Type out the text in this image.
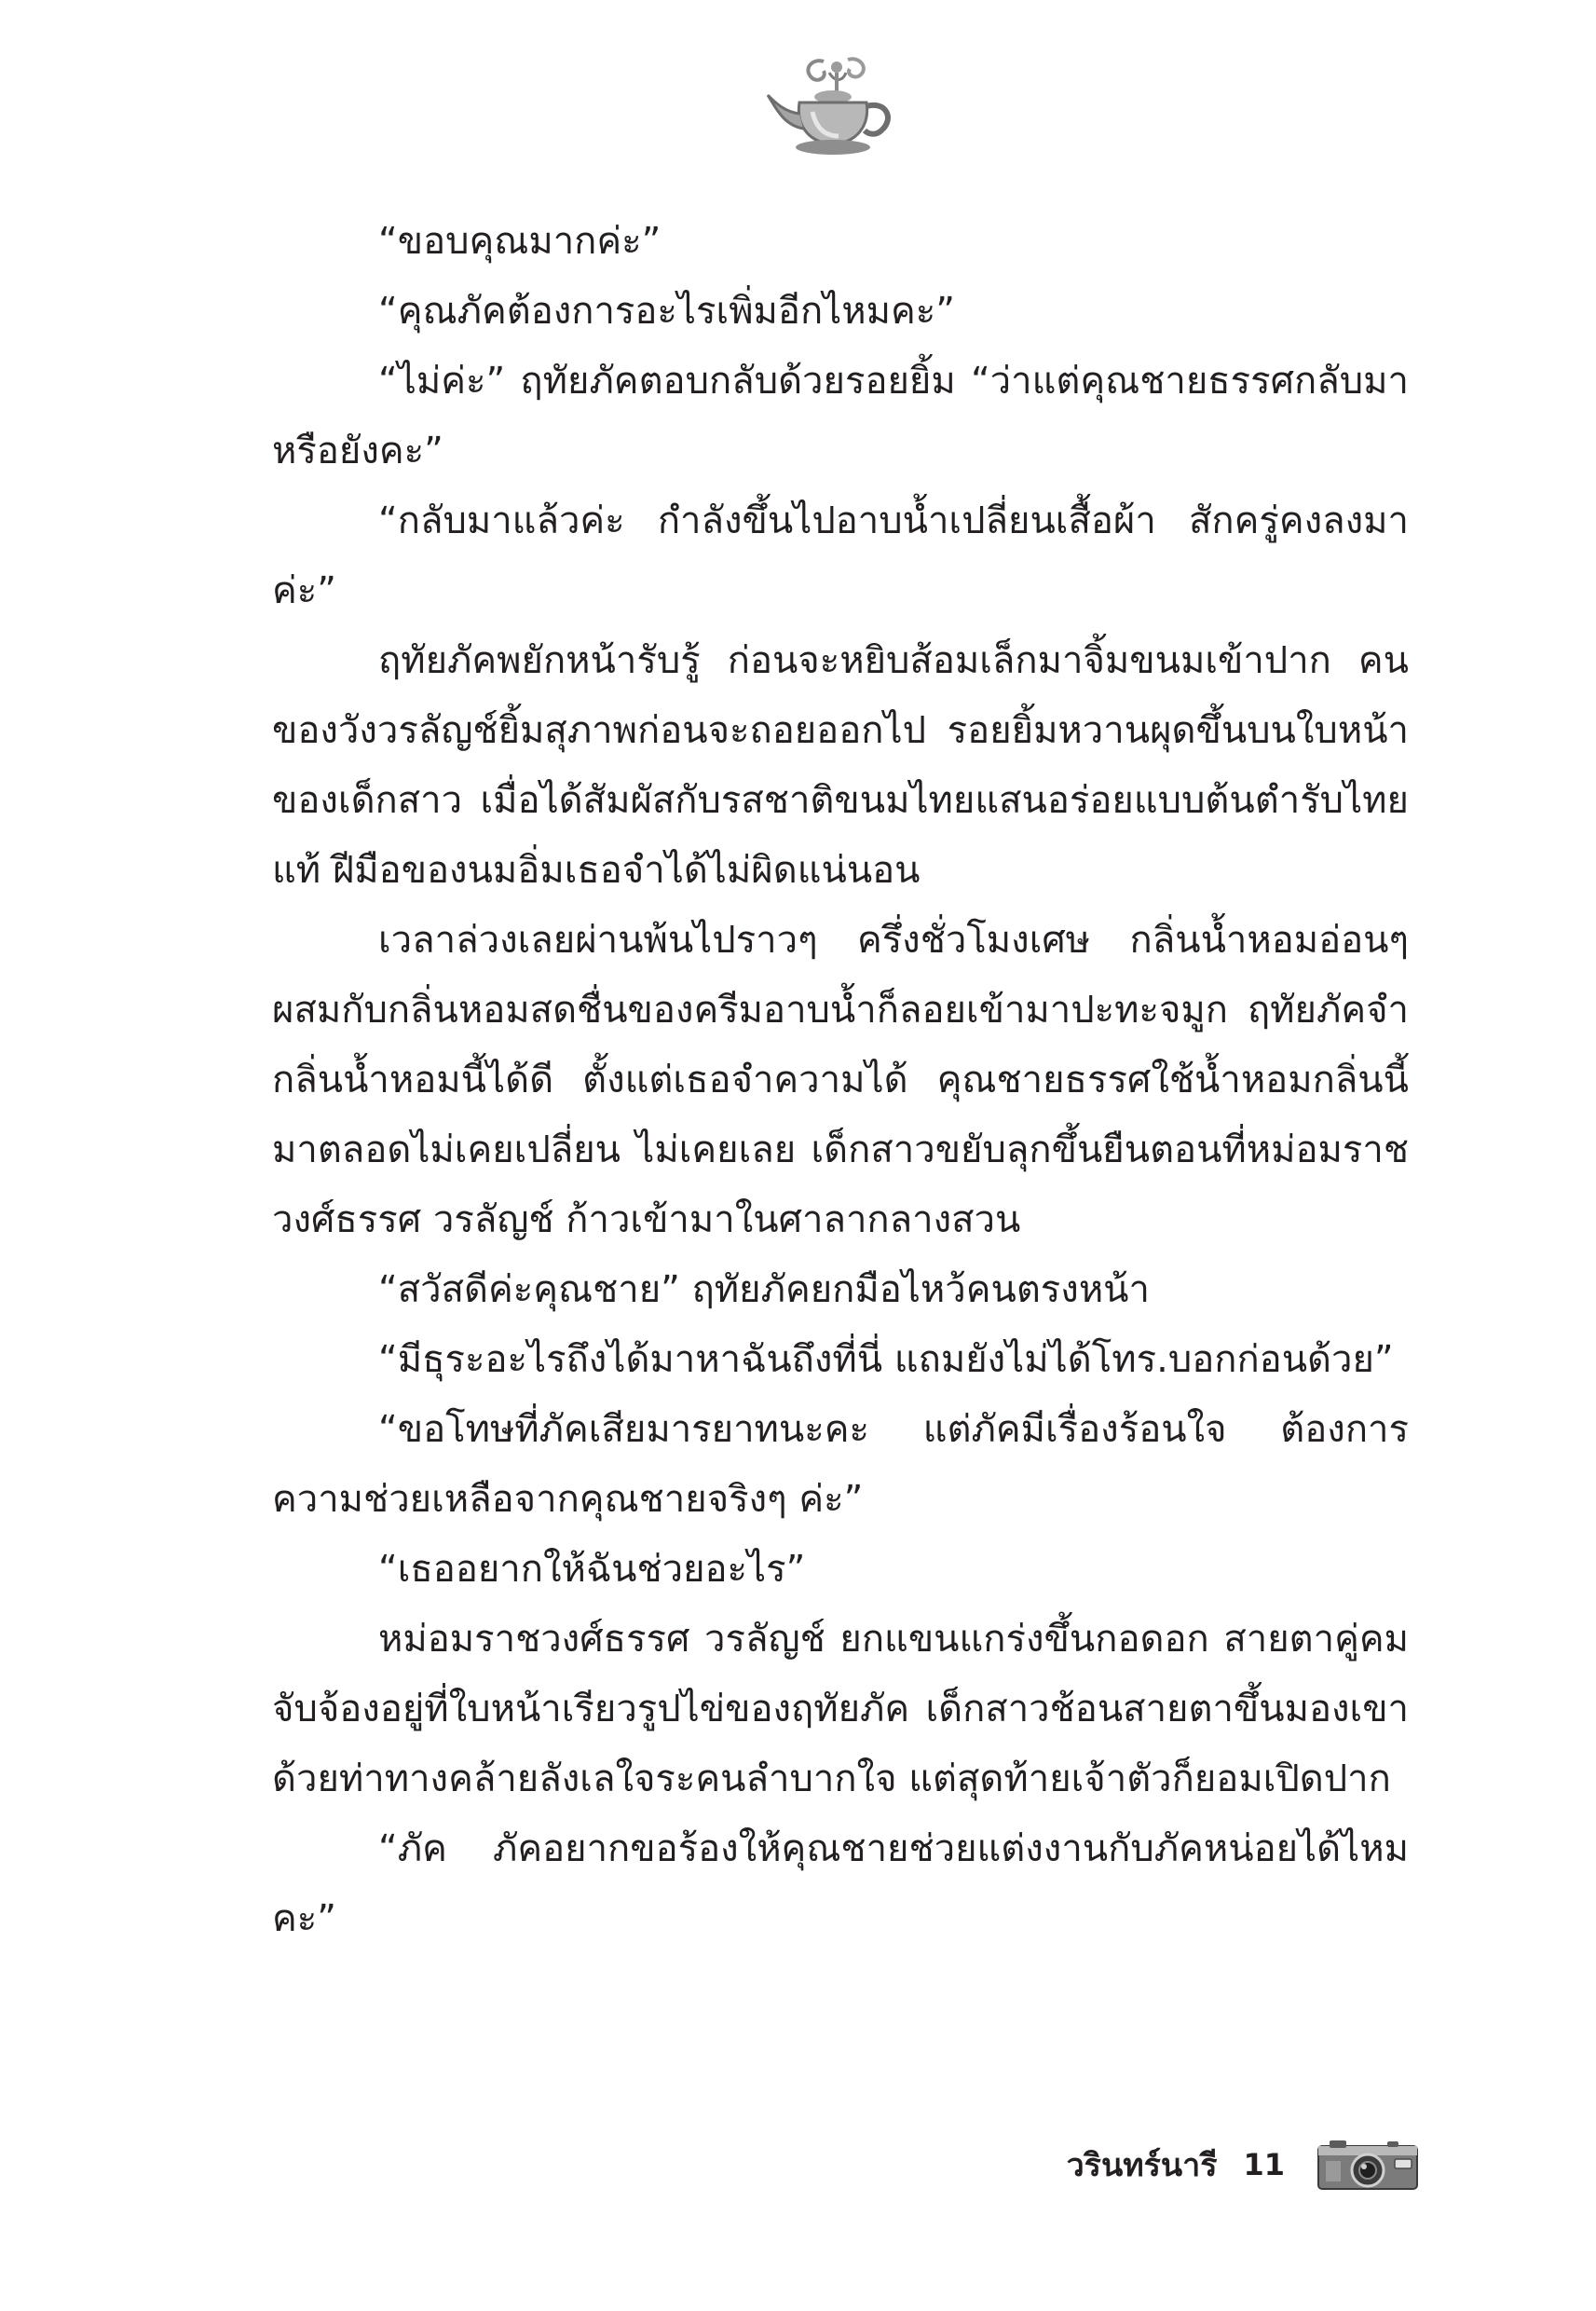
“ขอบคุณมากค่ะ”

“คุณภัคต้องการอะไรเพิ่มอีกไหมคะ”

“ไม่ค่ะ” ฤทัยภัคตอบกลับด้วยรอยยิ้ม “ว่าแต่คุณชายธรรศกลับมาหรือยังคะ”

“กลับมาแล้วค่ะ กำลังขึ้นไปอาบน้ำเปลี่ยนเสื้อผ้า สักครู่คงลงมาค่ะ”

ฤทัยภัคพยักหน้ารับรู้ ก่อนจะหยิบส้อมเล็กมาจิ้มขนมเข้าปาก คนของวังวรลัญช์ยิ้มสุภาพก่อนจะถอยออกไป รอยยิ้มหวานผุดขึ้นบนใบหน้าของเด็กสาว เมื่อได้สัมผัสกับรสชาติขนมไทยแสนอร่อยแบบต้นตำรับไทยแท้ ฝีมือของนมอิ่มเธอจำได้ไม่ผิดแน่นอน

เวลาล่วงเลยผ่านพ้นไปราวๆ ครึ่งชั่วโมงเศษ กลิ่นน้ำหอมอ่อนๆ ผสมกับกลิ่นหอมสดชื่นของครีมอาบน้ำก็ลอยเข้ามาปะทะจมูก ฤทัยภัคจำกลิ่นน้ำหอมนี้ได้ดี ตั้งแต่เธอจำความได้ คุณชายธรรศใช้น้ำหอมกลิ่นนี้มาตลอดไม่เคยเปลี่ยน ไม่เคยเลย เด็กสาวขยับลุกขึ้นยืนตอนที่หม่อมราชวงศ์ธรรศ วรลัญช์ ก้าวเข้ามาในศาลากลางสวน

“สวัสดีค่ะคุณชาย” ฤทัยภัคยกมือไหว้คนตรงหน้า

“มีธุระอะไรถึงได้มาหาฉันถึงที่นี่ แถมยังไม่ได้โทร.บอกก่อนด้วย”

“ขอโทษที่ภัคเสียมารยาทนะคะ แต่ภัคมีเรื่องร้อนใจ ต้องการความช่วยเหลือจากคุณชายจริงๆ ค่ะ”

“เธออยากให้ฉันช่วยอะไร”

หม่อมราชวงศ์ธรรศ วรลัญช์ ยกแขนแกร่งขึ้นกอดอก สายตาคู่คมจับจ้องอยู่ที่ใบหน้าเรียวรูปไข่ของฤทัยภัค เด็กสาวช้อนสายตาขึ้นมองเขาด้วยท่าทางคล้ายลังเลใจระคนลำบากใจ แต่สุดท้ายเจ้าตัวก็ยอมเปิดปาก

“ภัค ภัคอยากขอร้องให้คุณชายช่วยแต่งงานกับภัคหน่อยได้ไหมคะ”

วรินทร์นารี 11
